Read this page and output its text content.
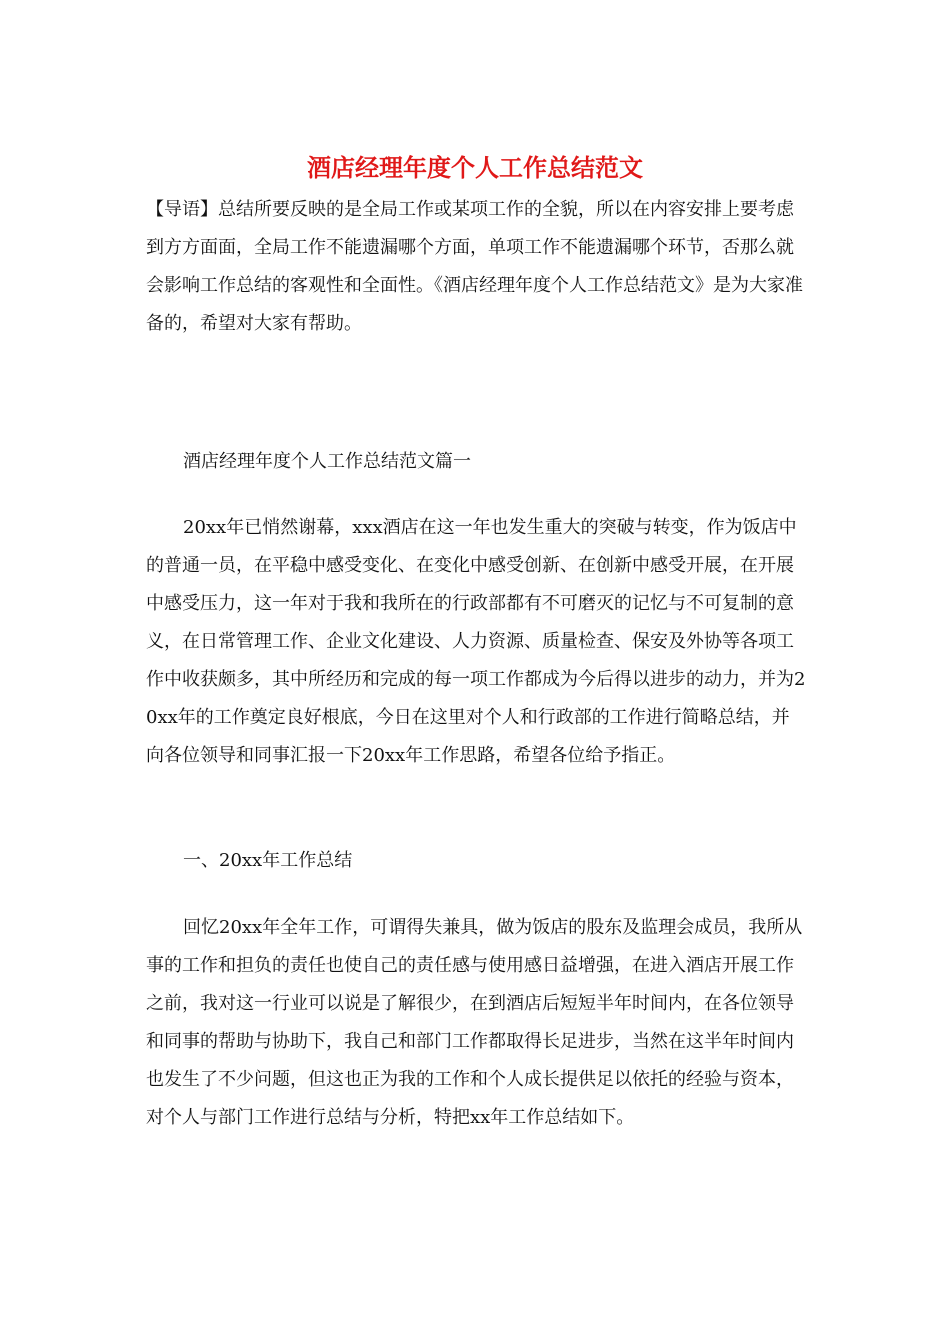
酒店经理年度个人工作总结范文

【导语】总结所要反映的是全局工作或某项工作的全貌，所以在内容安排上要考虑到方方面面，全局工作不能遗漏哪个方面，单项工作不能遗漏哪个环节，否那么就会影响工作总结的客观性和全面性。《酒店经理年度个人工作总结范文》是为大家准备的，希望对大家有帮助。

酒店经理年度个人工作总结范文篇一

20xx年已悄然谢幕，xxx酒店在这一年也发生重大的突破与转变，作为饭店中的普通一员，在平稳中感受变化、在变化中感受创新、在创新中感受开展，在开展中感受压力，这一年对于我和我所在的行政部都有不可磨灭的记忆与不可复制的意义，在日常管理工作、企业文化建设、人力资源、质量检查、保安及外协等各项工作中收获颇多，其中所经历和完成的每一项工作都成为今后得以进步的动力，并为20xx年的工作奠定良好根底，今日在这里对个人和行政部的工作进行简略总结，并向各位领导和同事汇报一下20xx年工作思路，希望各位给予指正。

一、20xx年工作总结

回忆20xx年全年工作，可谓得失兼具，做为饭店的股东及监理会成员，我所从事的工作和担负的责任也使自己的责任感与使用感日益增强，在进入酒店开展工作之前，我对这一行业可以说是了解很少，在到酒店后短短半年时间内，在各位领导和同事的帮助与协助下，我自己和部门工作都取得长足进步，当然在这半年时间内也发生了不少问题，但这也正为我的工作和个人成长提供足以依托的经验与资本，对个人与部门工作进行总结与分析，特把xx年工作总结如下。
